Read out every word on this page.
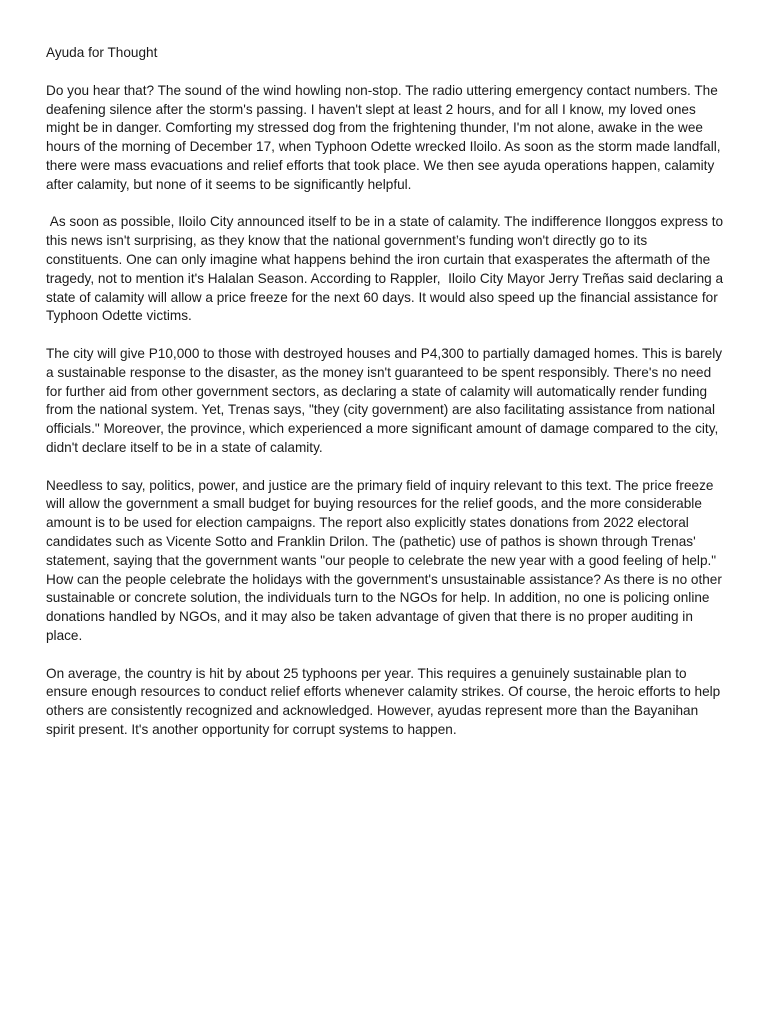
Ayuda for Thought

Do you hear that? The sound of the wind howling non-stop. The radio uttering emergency contact numbers. The deafening silence after the storm's passing. I haven't slept at least 2 hours, and for all I know, my loved ones might be in danger. Comforting my stressed dog from the frightening thunder, I'm not alone, awake in the wee hours of the morning of December 17, when Typhoon Odette wrecked Iloilo. As soon as the storm made landfall, there were mass evacuations and relief efforts that took place. We then see ayuda operations happen, calamity after calamity, but none of it seems to be significantly helpful.

As soon as possible, Iloilo City announced itself to be in a state of calamity. The indifference Ilonggos express to this news isn't surprising, as they know that the national government’s funding won't directly go to its constituents. One can only imagine what happens behind the iron curtain that exasperates the aftermath of the tragedy, not to mention it's Halalan Season. According to Rappler,  Iloilo City Mayor Jerry Treñas said declaring a state of calamity will allow a price freeze for the next 60 days. It would also speed up the financial assistance for Typhoon Odette victims.

The city will give P10,000 to those with destroyed houses and P4,300 to partially damaged homes. This is barely a sustainable response to the disaster, as the money isn't guaranteed to be spent responsibly. There's no need for further aid from other government sectors, as declaring a state of calamity will automatically render funding from the national system. Yet, Trenas says, "they (city government) are also facilitating assistance from national officials." Moreover, the province, which experienced a more significant amount of damage compared to the city, didn't declare itself to be in a state of calamity.

Needless to say, politics, power, and justice are the primary field of inquiry relevant to this text. The price freeze will allow the government a small budget for buying resources for the relief goods, and the more considerable amount is to be used for election campaigns. The report also explicitly states donations from 2022 electoral candidates such as Vicente Sotto and Franklin Drilon. The (pathetic) use of pathos is shown through Trenas' statement, saying that the government wants "our people to celebrate the new year with a good feeling of help." How can the people celebrate the holidays with the government's unsustainable assistance? As there is no other sustainable or concrete solution, the individuals turn to the NGOs for help. In addition, no one is policing online donations handled by NGOs, and it may also be taken advantage of given that there is no proper auditing in place.

On average, the country is hit by about 25 typhoons per year. This requires a genuinely sustainable plan to ensure enough resources to conduct relief efforts whenever calamity strikes. Of course, the heroic efforts to help others are consistently recognized and acknowledged. However, ayudas represent more than the Bayanihan spirit present. It's another opportunity for corrupt systems to happen.
